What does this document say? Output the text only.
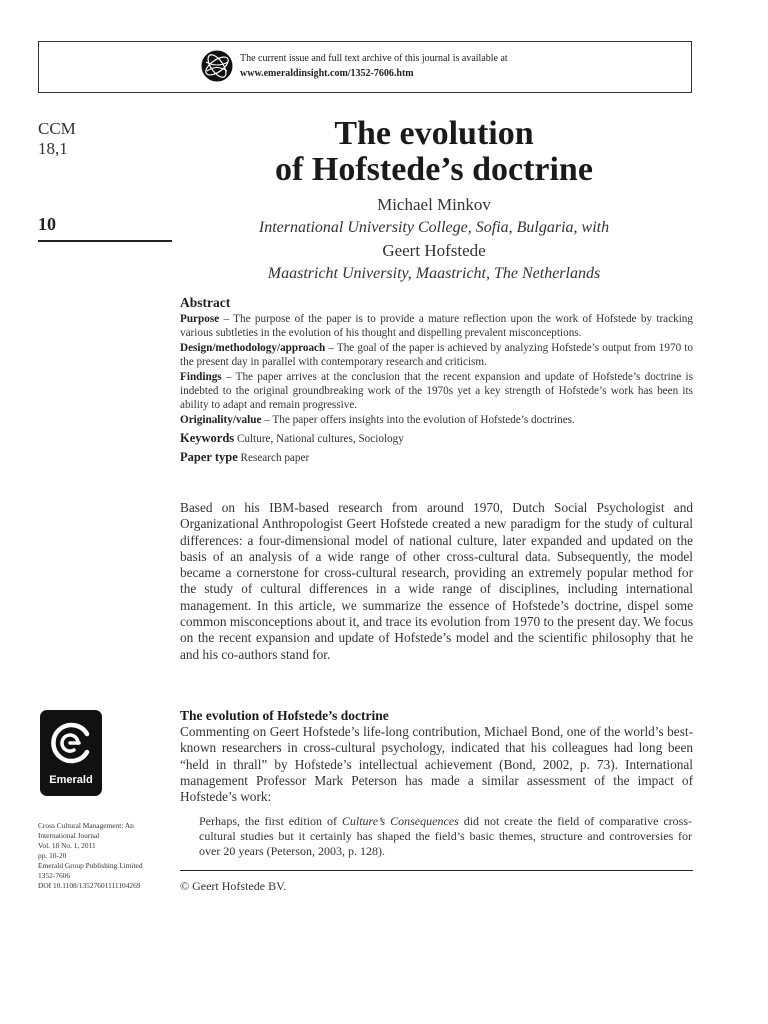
The current issue and full text archive of this journal is available at
www.emeraldinsight.com/1352-7606.htm
CCM
18,1
10
The evolution
of Hofstede’s doctrine
Michael Minkov
International University College, Sofia, Bulgaria, with
Geert Hofstede
Maastricht University, Maastricht, The Netherlands
Abstract

Purpose – The purpose of the paper is to provide a mature reflection upon the work of Hofstede by tracking various subtleties in the evolution of his thought and dispelling prevalent misconceptions.

Design/methodology/approach – The goal of the paper is achieved by analyzing Hofstede’s output from 1970 to the present day in parallel with contemporary research and criticism.

Findings – The paper arrives at the conclusion that the recent expansion and update of Hofstede’s doctrine is indebted to the original groundbreaking work of the 1970s yet a key strength of Hofstede’s work has been its ability to adapt and remain progressive.

Originality/value – The paper offers insights into the evolution of Hofstede’s doctrines.

Keywords Culture, National cultures, Sociology

Paper type Research paper

Based on his IBM-based research from around 1970, Dutch Social Psychologist and Organizational Anthropologist Geert Hofstede created a new paradigm for the study of cultural differences: a four-dimensional model of national culture, later expanded and updated on the basis of an analysis of a wide range of other cross-cultural data. Subsequently, the model became a cornerstone for cross-cultural research, providing an extremely popular method for the study of cultural differences in a wide range of disciplines, including international management. In this article, we summarize the essence of Hofstede’s doctrine, dispel some common misconceptions about it, and trace its evolution from 1970 to the present day. We focus on the recent expansion and update of Hofstede’s model and the scientific philosophy that he and his co-authors stand for.

The evolution of Hofstede’s doctrine

Commenting on Geert Hofstede’s life-long contribution, Michael Bond, one of the world’s best-known researchers in cross-cultural psychology, indicated that his colleagues had long been “held in thrall” by Hofstede’s intellectual achievement (Bond, 2002, p. 73). International management Professor Mark Peterson has made a similar assessment of the impact of Hofstede’s work:

Perhaps, the first edition of Culture’s Consequences did not create the field of comparative cross-cultural studies but it certainly has shaped the field’s basic themes, structure and controversies for over 20 years (Peterson, 2003, p. 128).

© Geert Hofstede BV.
Emerald
Cross Cultural Management: An
International Journal
Vol. 18 No. 1, 2011
pp. 10-20
Emerald Group Publishing Limited
1352-7606
DOI 10.1108/13527601111104269
